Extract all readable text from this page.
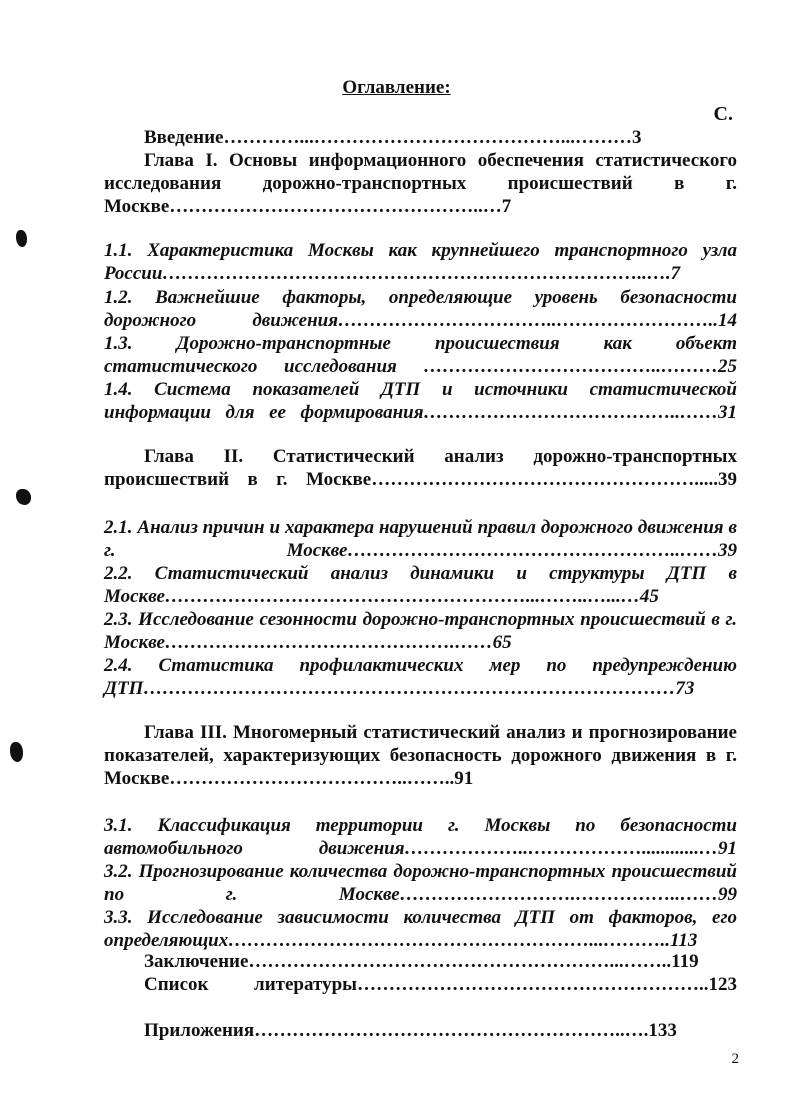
Оглавление:
С.
Введение…………...…………………………………...………3
Глава I. Основы информационного обеспечения статистического исследования дорожно-транспортных происшествий в г. Москве…………………………………………..…7
1.1. Характеристика Москвы как крупнейшего транспортного узла России…………………………………………………………………..….7
1.2. Важнейшие факторы, определяющие уровень безопасности дорожного движения……………………………..……………………..14
1.3. Дорожно-транспортные происшествия как объект статистического исследования ………………………………..………25
1.4. Система показателей ДТП и источники статистической информации для ее формирования…………………………………..……31
Глава II. Статистический анализ дорожно-транспортных происшествий в г. Москве…………………………………………….....39
2.1. Анализ причин и характера нарушений правил дорожного движения в г. Москве……………………………………………..……39
2.2. Статистический анализ динамики и структуры ДТП в Москве…………………………………………………...……..…...…45
2.3. Исследование сезонности дорожно-транспортных происшествий в г. Москве……………………………………….……65
2.4. Статистика профилактических мер по предупреждению ДТП…………………………………………………………………………73
Глава III. Многомерный статистический анализ и прогнозирование показателей, характеризующих безопасность дорожного движения в г. Москве………………………………..……..91
3.1. Классификация территории г. Москвы по безопасности автомобильного движения………………..………………............…91
3.2. Прогнозирование количества дорожно-транспортных происшествий по г. Москве……………………….……………..……99
3.3. Исследование зависимости количества ДТП от факторов, его определяющих…………………………………………………...………..113
Заключение…………………………………………………...……..119
Список литературы………………………………………………..123
Приложения…………………………………………………..….133
2
